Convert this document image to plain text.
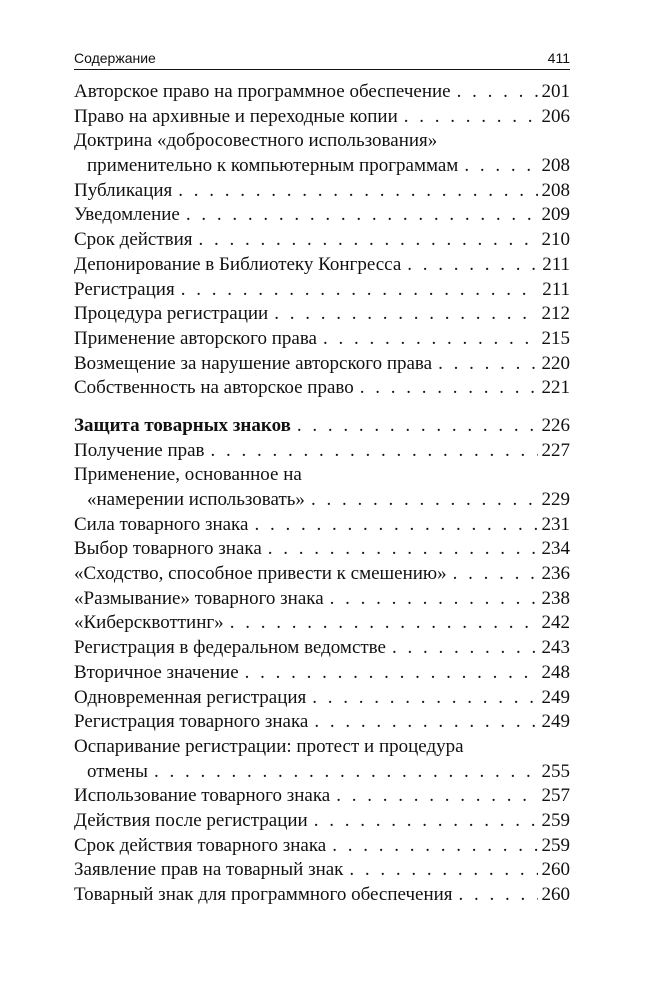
Содержание	411
Авторское право на программное обеспечение . . .	201
Право на архивные и переходные копии . . .	206
Доктрина «добросовестного использования»
применительно к компьютерным программам . . .	208
Публикация . . .	208
Уведомление . . .	209
Срок действия . . .	210
Депонирование в Библиотеку Конгресса . . .	211
Регистрация . . .	211
Процедура регистрации . . .	212
Применение авторского права . . .	215
Возмещение за нарушение авторского права . . .	220
Собственность на авторское право . . .	221
Защита товарных знаков . . .	226
Получение прав . . .	227
Применение, основанное на
«намерении использовать» . . .	229
Сила товарного знака . . .	231
Выбор товарного знака . . .	234
«Сходство, способное привести к смешению» . . .	236
«Размывание» товарного знака . . .	238
«Киберсквоттинг» . . .	242
Регистрация в федеральном ведомстве . . .	243
Вторичное значение . . .	248
Одновременная регистрация . . .	249
Регистрация товарного знака . . .	249
Оспаривание регистрации: протест и процедура
отмены . . .	255
Использование товарного знака . . .	257
Действия после регистрации . . .	259
Срок действия товарного знака . . .	259
Заявление прав на товарный знак . . .	260
Товарный знак для программного обеспечения . . .	260
